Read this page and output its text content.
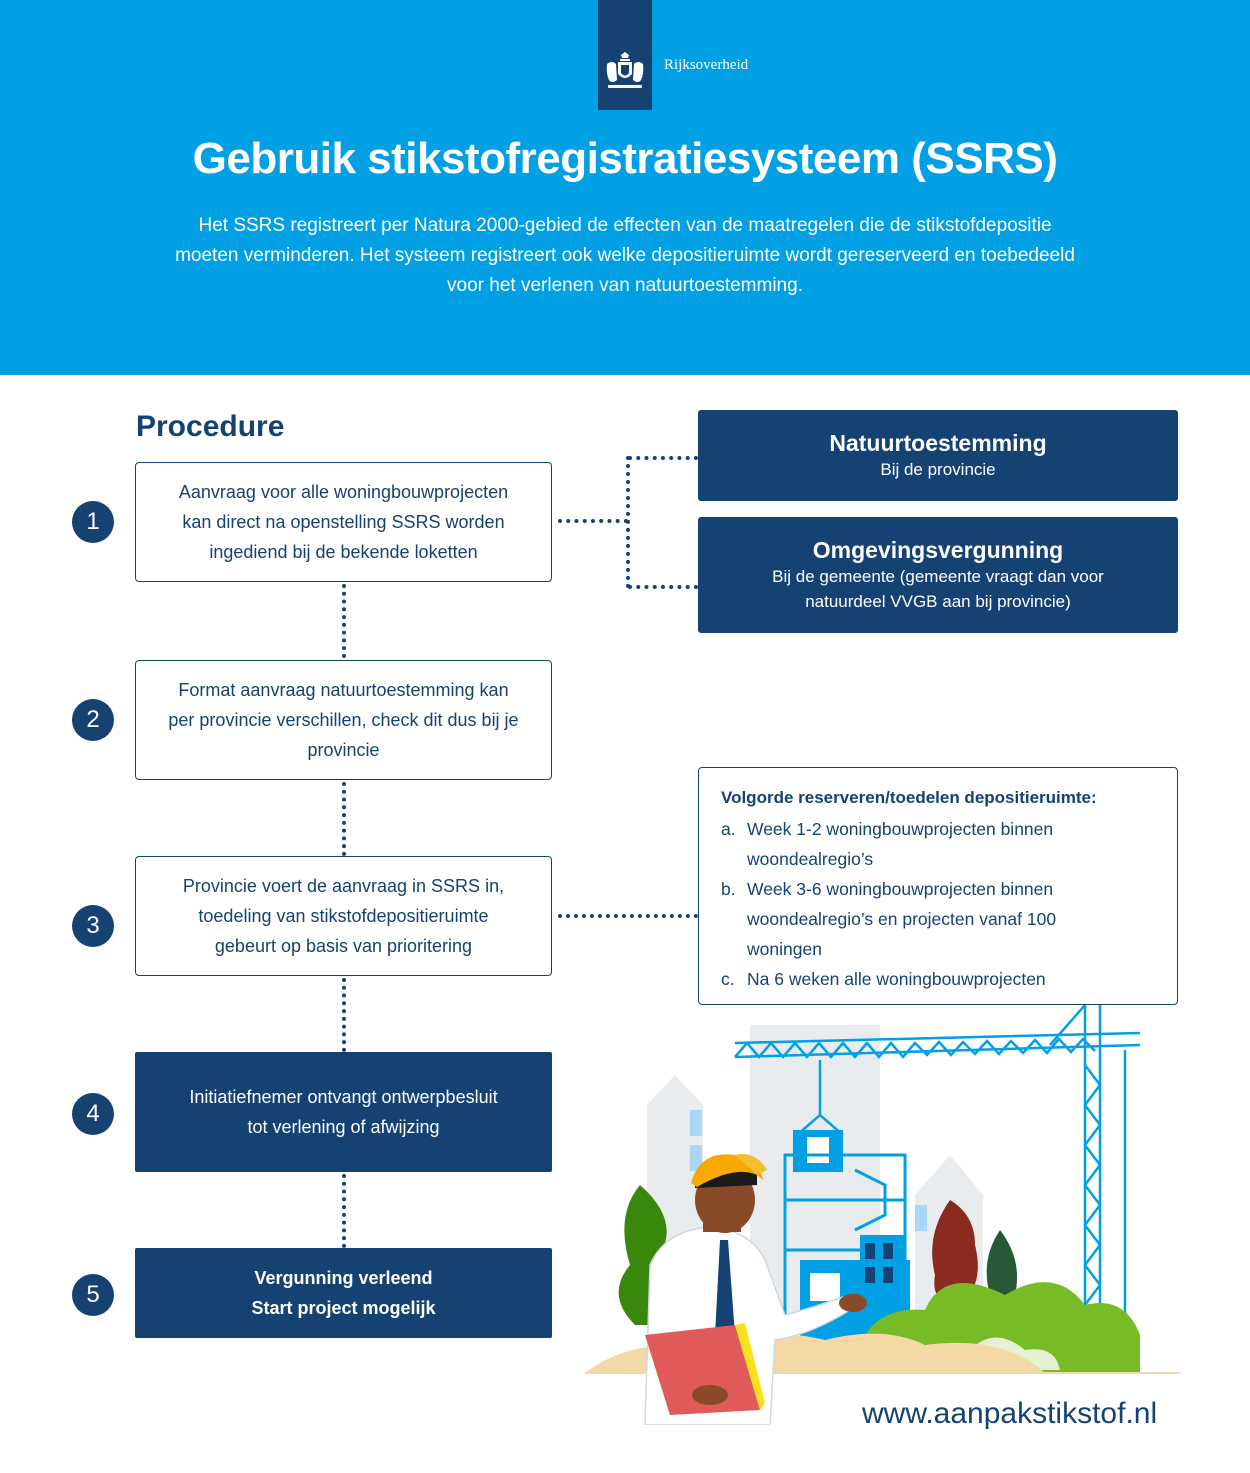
Rijksoverheid
Gebruik stikstofregistratiesysteem (SSRS)
Het SSRS registreert per Natura 2000-gebied de effecten van de maatregelen die de stikstofdepositie
moeten verminderen. Het systeem registreert ook welke depositieruimte wordt gereserveerd en toebedeeld
voor het verlenen van natuurtoestemming.
Procedure
1
Aanvraag voor alle woningbouwprojecten
kan direct na openstelling SSRS worden
ingediend bij de bekende loketten
2
Format aanvraag natuurtoestemming kan
per provincie verschillen, check dit dus bij je
provincie
3
Provincie voert de aanvraag in SSRS in,
toedeling van stikstofdepositieruimte
gebeurt op basis van prioritering
4
Initiatiefnemer ontvangt ontwerpbesluit
tot verlening of afwijzing
5
Vergunning verleend
Start project mogelijk
Natuurtoestemming
Bij de provincie
Omgevingsvergunning
Bij de gemeente (gemeente vraagt dan voor
natuurdeel VVGB aan bij provincie)
Volgorde reserveren/toedelen depositieruimte:
a. Week 1-2 woningbouwprojecten binnen
woondealregio’s
b. Week 3-6 woningbouwprojecten binnen
woondealregio’s en projecten vanaf 100
woningen
c. Na 6 weken alle woningbouwprojecten
www.aanpakstikstof.nl
